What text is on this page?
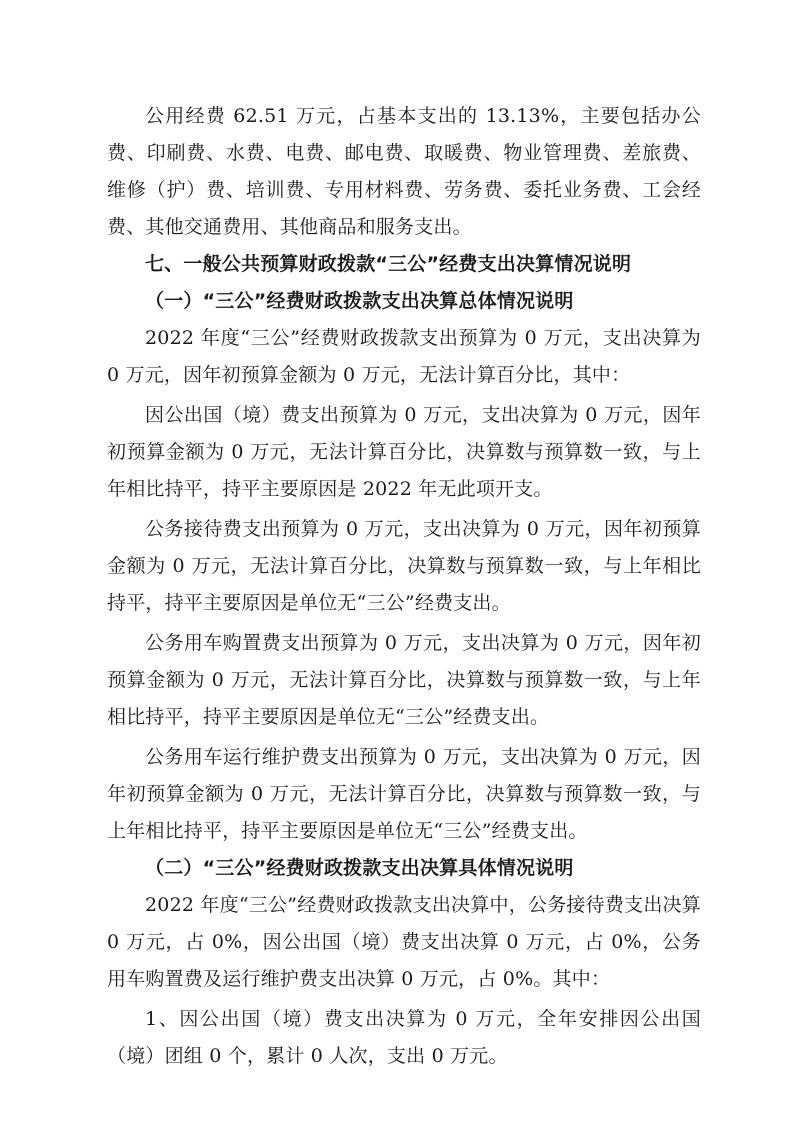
公用经费 62.51 万元，占基本支出的 13.13%，主要包括办公费、印刷费、水费、电费、邮电费、取暖费、物业管理费、差旅费、维修（护）费、培训费、专用材料费、劳务费、委托业务费、工会经费、其他交通费用、其他商品和服务支出。

七、一般公共预算财政拨款“三公”经费支出决算情况说明

（一）“三公”经费财政拨款支出决算总体情况说明

2022 年度“三公”经费财政拨款支出预算为 0 万元，支出决算为 0 万元，因年初预算金额为 0 万元，无法计算百分比，其中：

因公出国（境）费支出预算为 0 万元，支出决算为 0 万元，因年初预算金额为 0 万元，无法计算百分比，决算数与预算数一致，与上年相比持平，持平主要原因是 2022 年无此项开支。

公务接待费支出预算为 0 万元，支出决算为 0 万元，因年初预算金额为 0 万元，无法计算百分比，决算数与预算数一致，与上年相比持平，持平主要原因是单位无“三公”经费支出。

公务用车购置费支出预算为 0 万元，支出决算为 0 万元，因年初预算金额为 0 万元，无法计算百分比，决算数与预算数一致，与上年相比持平，持平主要原因是单位无“三公”经费支出。

公务用车运行维护费支出预算为 0 万元，支出决算为 0 万元，因年初预算金额为 0 万元，无法计算百分比，决算数与预算数一致，与上年相比持平，持平主要原因是单位无“三公”经费支出。

（二）“三公”经费财政拨款支出决算具体情况说明

2022 年度“三公”经费财政拨款支出决算中，公务接待费支出决算 0 万元，占 0%，因公出国（境）费支出决算 0 万元，占 0%，公务用车购置费及运行维护费支出决算 0 万元，占 0%。其中：

1、因公出国（境）费支出决算为 0 万元，全年安排因公出国（境）团组 0 个，累计 0 人次，支出 0 万元。
